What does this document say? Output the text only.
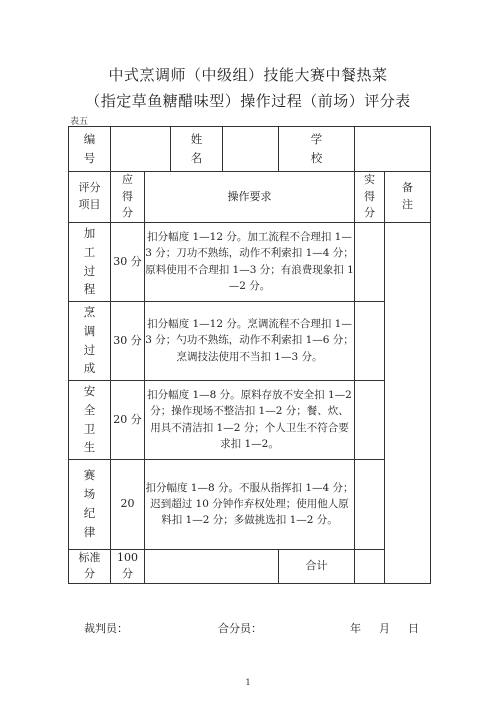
中式烹调师（中级组）技能大赛中餐热菜
（指定草鱼糖醋味型）操作过程（前场）评分表
表五
编号			姓名		学校		
评分项目	应得分	操作要求				实得分	备注
加工过程	30 分	扣分幅度 1—12 分。加工流程不合理扣 1—3 分；刀功不熟练，动作不利索扣 1—4 分；原料使用不合理扣 1—3 分；有浪费现象扣 1—2 分。					
烹调过成	30 分	扣分幅度 1—12 分。烹调流程不合理扣 1—3 分；勺功不熟练，动作不利索扣 1—6 分；烹调技法使用不当扣 1—3 分。					
安全卫生	20 分	扣分幅度 1—8 分。原料存放不安全扣 1—2 分；操作现场不整洁扣 1—2 分；餐、炊、用具不清洁扣 1—2 分；个人卫生不符合要求扣 1—2。					
赛场纪律	20	扣分幅度 1—8 分。不服从指挥扣 1—4 分；迟到超过 10 分钟作弃权处理；使用他人原料扣 1—2 分；多做挑选扣 1—2 分。					
标准分	100 分				合计		
裁判员：	合分员：	年 月 日
1
